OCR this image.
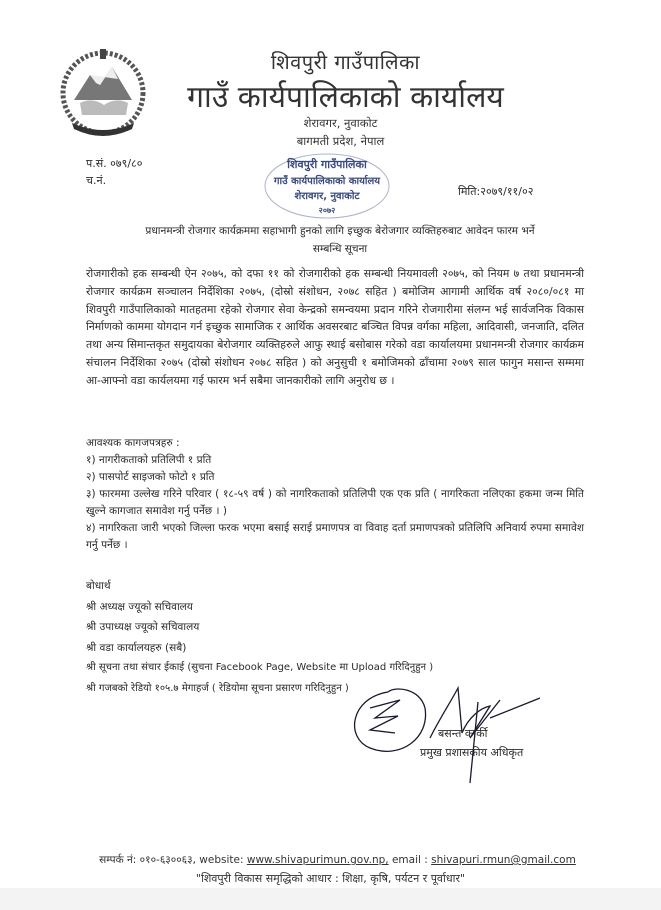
शिवपुरी गाउँपालिका
गाउँ कार्यपालिकाको कार्यालय
शेरावगर, नुवाकोट
बागमती प्रदेश, नेपाल
शिवपुरी गाउँपालिका
गाउँ कार्यपालिकाको कार्यालय
शेरावगर, नुवाकोट
२०७२
प.सं. ०७९/८०
च.नं.
मिति:२०७९/११/०२
प्रधानमन्त्री रोजगार कार्यक्रममा सहाभागी हुनको लागि इच्छुक बेरोजगार व्यक्तिहरुबाट आवेदन फारम भर्ने
सम्बन्धि सूचना
रोजगारीको हक सम्बन्धी ऐन २०७५, को दफा ११ को रोजगारीको हक सम्बन्धी नियमावली २०७५, को नियम ७ तथा प्रधानमन्त्री रोजगार कार्यक्रम सञ्चालन निर्देशिका २०७५, (दोस्रो संशोधन, २०७८ सहित ) बमोजिम आगामी आर्थिक वर्ष २०८०/०८१ मा शिवपुरी गाउँपालिकाको मातहतमा रहेको रोजगार सेवा केन्द्रको समन्वयमा प्रदान गरिने रोजगारीमा संलग्न भई सार्वजनिक विकास निर्माणको काममा योगदान गर्न इच्छुक सामाजिक र आर्थिक अवसरबाट बञ्चित विपन्न वर्गका महिला, आदिवासी, जनजाति, दलित तथा अन्य सिमान्तकृत समुदायका बेरोजगार व्यक्तिहरुले आफु स्थाई बसोबास गरेको वडा कार्यालयमा प्रधानमन्त्री रोजगार कार्यक्रम संचालन निर्देशिका २०७५ (दोस्रो संशोधन २०७८ सहित ) को अनुसुची १ बमोजिमको ढाँचामा २०७९ साल फागुन मसान्त सम्ममा आ-आफ्नो वडा कार्यलयमा गई फारम भर्न सबैमा जानकारीको लागि अनुरोध छ ।
आवश्यक कागजपत्रहरु :
१) नागरीकताको प्रतिलिपी १ प्रति
२) पासपोर्ट साइजको फोटो १ प्रति
३) फारममा उल्लेख गरिने परिवार ( १८-५९ वर्ष ) को नागरिकताको प्रतिलिपी एक एक प्रति ( नागरिकता नलिएका हकमा जन्म मिति खुल्ने कागजात समावेश गर्नु पर्नेछ । )
४) नागरिकता जारी भएको जिल्ला फरक भएमा बसाई सराई प्रमाणपत्र वा विवाह दर्ता प्रमाणपत्रको प्रतिलिपि अनिवार्य रुपमा समावेश गर्नु पर्नेछ ।
बोधार्थ
श्री अध्यक्ष ज्यूको सचिवालय
श्री उपाध्यक्ष ज्यूको सचिवालय
श्री वडा कार्यालयहरु (सबै)
श्री सूचना तथा संचार ईकाई (सुचना Facebook Page, Website मा Upload गरिदिनुहुन )
श्री गजबको रेडियो १०५.७ मेगाहर्ज ( रेडियोमा सूचना प्रसारण गरिदिनुहुन )
बसन्त कार्की
प्रमुख प्रशासकीय अधिकृत
सम्पर्क नं: ०१०-६३००६३, website: www.shivapurimun.gov.np, email : shivapuri.rmun@gmail.com
"शिवपुरी विकास समृद्धिको आधार : शिक्षा, कृषि, पर्यटन र पूर्वाधार"
